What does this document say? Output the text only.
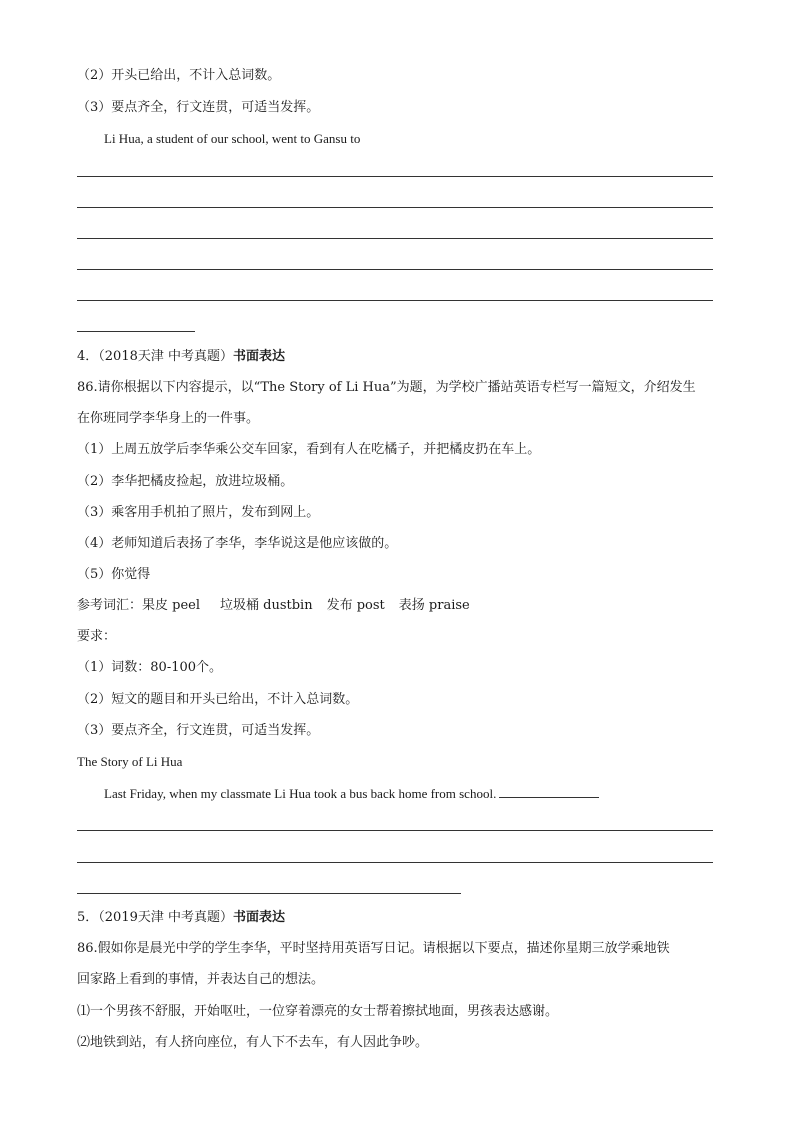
（2）开头已给出，不计入总词数。
（3）要点齐全，行文连贯，可适当发挥。
Li Hua, a student of our school, went to Gansu to
4．（2018天津 中考真题）书面表达
86.请你根据以下内容提示，以“The Story of Li Hua”为题，为学校广播站英语专栏写一篇短文，介绍发生
在你班同学李华身上的一件事。
（1）上周五放学后李华乘公交车回家，看到有人在吃橘子，并把橘皮扔在车上。
（2）李华把橘皮捡起，放进垃圾桶。
（3）乘客用手机拍了照片，发布到网上。
（4）老师知道后表扬了李华，李华说这是他应该做的。
（5）你觉得
参考词汇：果皮 peel 垃圾桶 dustbin 发布 post 表扬 praise
要求：
（1）词数：80-100个。
（2）短文的题目和开头已给出，不计入总词数。
（3）要点齐全，行文连贯，可适当发挥。
The Story of Li Hua
Last Friday, when my classmate Li Hua took a bus back home from school.
5．（2019天津 中考真题）书面表达
86.假如你是晨光中学的学生李华，平时坚持用英语写日记。请根据以下要点，描述你星期三放学乘地铁
回家路上看到的事情，并表达自己的想法。
⑴一个男孩不舒服，开始呕吐，一位穿着漂亮的女士帮着擦拭地面，男孩表达感谢。
⑵地铁到站，有人挤向座位，有人下不去车，有人因此争吵。
